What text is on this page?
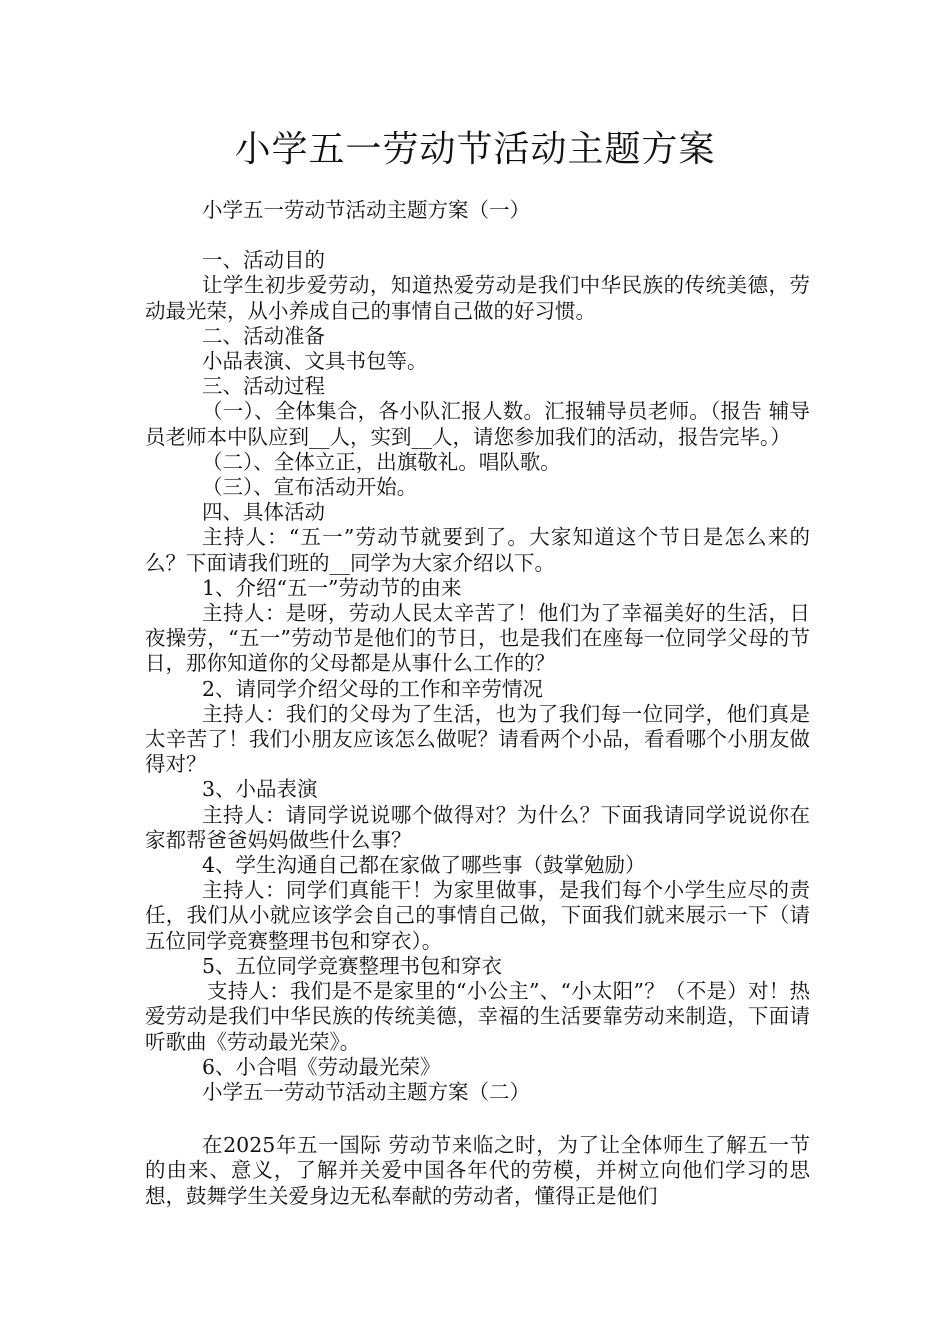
小学五一劳动节活动主题方案

小学五一劳动节活动主题方案（一）

一、活动目的

让学生初步爱劳动，知道热爱劳动是我们中华民族的传统美德，劳动最光荣，从小养成自己的事情自己做的好习惯。

二、活动准备

小品表演、文具书包等。

三、活动过程

（一）、全体集合，各小队汇报人数。汇报辅导员老师。（报告 辅导员老师本中队应到__人，实到__人，请您参加我们的活动，报告完毕。）

（二）、全体立正，出旗敬礼。唱队歌。

（三）、宣布活动开始。

四、具体活动

主持人：“五一”劳动节就要到了。大家知道这个节日是怎么来的么？下面请我们班的__同学为大家介绍以下。

1、介绍“五一”劳动节的由来

主持人：是呀，劳动人民太辛苦了！他们为了幸福美好的生活，日夜操劳，“五一”劳动节是他们的节日，也是我们在座每一位同学父母的节日，那你知道你的父母都是从事什么工作的？

2、请同学介绍父母的工作和辛劳情况

主持人：我们的父母为了生活，也为了我们每一位同学，他们真是太辛苦了！我们小朋友应该怎么做呢？请看两个小品，看看哪个小朋友做得对？

3、小品表演

主持人：请同学说说哪个做得对？为什么？下面我请同学说说你在家都帮爸爸妈妈做些什么事？

4、学生沟通自己都在家做了哪些事（鼓掌勉励）

主持人：同学们真能干！为家里做事，是我们每个小学生应尽的责任，我们从小就应该学会自己的事情自己做，下面我们就来展示一下（请五位同学竞赛整理书包和穿衣）。

5、五位同学竞赛整理书包和穿衣

支持人：我们是不是家里的“小公主”、“小太阳”？（不是）对！热爱劳动是我们中华民族的传统美德，幸福的生活要靠劳动来制造，下面请听歌曲《劳动最光荣》。

6、小合唱《劳动最光荣》

小学五一劳动节活动主题方案（二）

在2025年五一国际 劳动节来临之时，为了让全体师生了解五一节的由来、意义，了解并关爱中国各年代的劳模，并树立向他们学习的思想，鼓舞学生关爱身边无私奉献的劳动者，懂得正是他们
